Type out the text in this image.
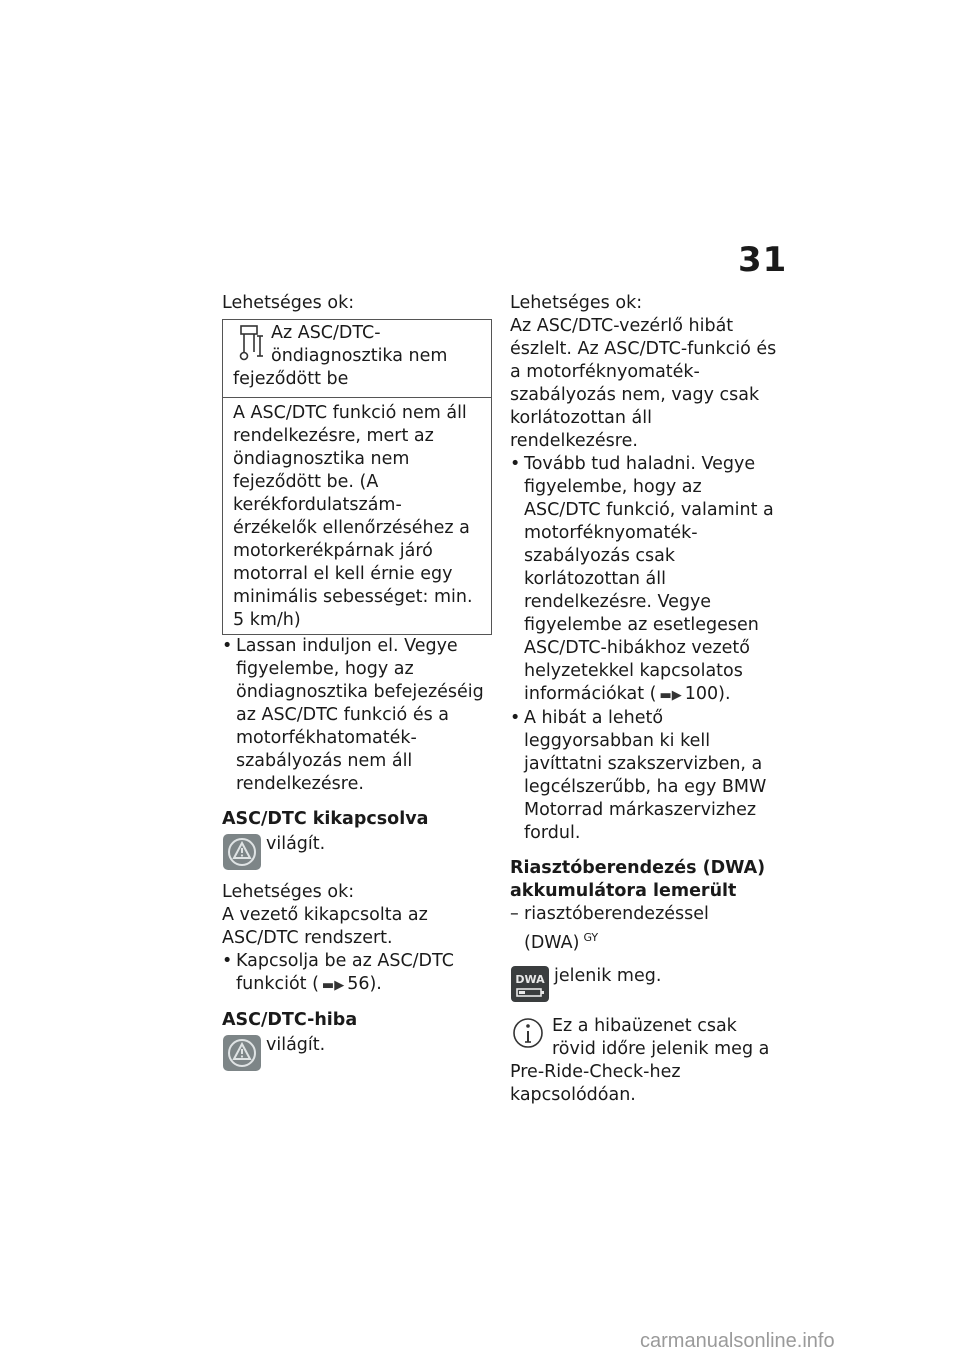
31

Lehetséges ok:

Az ASC/DTC-öndiagnosztika nem fejeződött be
A ASC/DTC funkció nem áll rendelkezésre, mert az öndiagnosztika nem fejeződött be. (A kerékfordulatszám-érzékelők ellenőrzéséhez a motorkerékpárnak járó motorral el kell érnie egy minimális sebességet: min. 5 km/h)

• Lassan induljon el. Vegye figyelembe, hogy az öndiagnosztika befejezéséig az ASC/DTC funkció és a motorfékhatomaték-szabályozás nem áll rendelkezésre.

ASC/DTC kikapcsolva

világít.

Lehetséges ok:

A vezető kikapcsolta az ASC/DTC rendszert.

• Kapcsolja be az ASC/DTC funkciót ( ▬▶ 56).

ASC/DTC-hiba

világít.

Lehetséges ok:

Az ASC/DTC-vezérlő hibát észlelt. Az ASC/DTC-funkció és a motorféknyomaték-szabályozás nem, vagy csak korlátozottan áll rendelkezésre.

• Tovább tud haladni. Vegye figyelembe, hogy az ASC/DTC funkció, valamint a motorféknyomaték-szabályozás csak korlátozottan áll rendelkezésre. Vegye figyelembe az esetlegesen ASC/DTC-hibákhoz vezető helyzetekkel kapcsolatos információkat ( ▬▶ 100).

• A hibát a lehető leggyorsabban ki kell javíttatni szakszervizben, a legcélszerűbb, ha egy BMW Motorrad márkaszervizhez fordul.

Riasztóberendezés (DWA) akkumulátora lemerült

– riasztóberendezéssel (DWA) $^{GY}$

DWA jelenik meg.
Ez a hibaüzenet csak rövid időre jelenik meg a Pre-Ride-Check-hez kapcsolódóan.
carmanualsonline.info
